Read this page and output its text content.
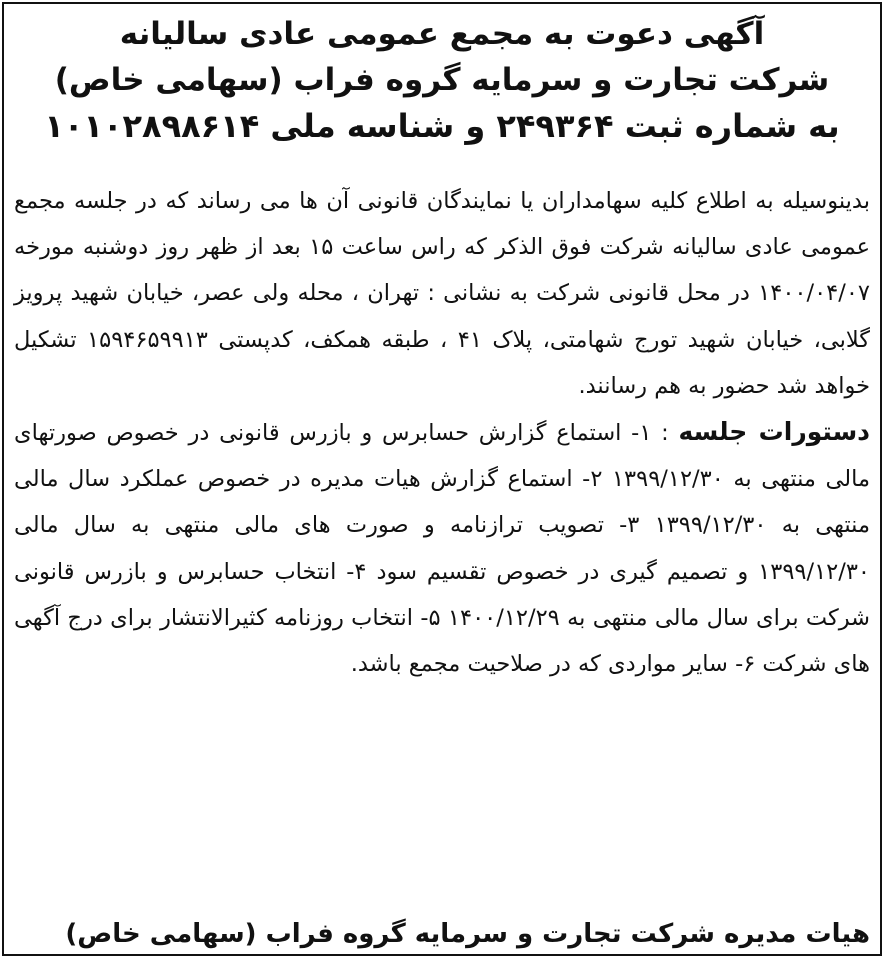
آگهی دعوت به مجمع عمومی عادی سالیانه
شرکت تجارت و سرمایه گروه فراب (سهامی خاص)
به شماره ثبت ۲۴۹۳۶۴ و شناسه ملی ۱۰۱۰۲۸۹۸۶۱۴

بدینوسیله به اطلاع کلیه سهامداران یا نمایندگان قانونی آن ها می رساند که در جلسه مجمع عمومی عادی سالیانه شرکت فوق الذکر که راس ساعت ۱۵ بعد از ظهر روز دوشنبه مورخه ۱۴۰۰/۰۴/۰۷ در محل قانونی شرکت به نشانی : تهران ، محله ولی عصر، خیابان شهید پرویز گلابی، خیابان شهید تورج شهامتی، پلاک ۴۱ ، طبقه همکف، کدپستی ۱۵۹۴۶۵۹۹۱۳ تشکیل خواهد شد حضور به هم رسانند.

دستورات جلسه : ۱- استماع گزارش حسابرس و بازرس قانونی در خصوص صورتهای مالی منتهی به ۱۳۹۹/۱۲/۳۰ ۲- استماع گزارش هیات مدیره در خصوص عملکرد سال مالی منتهی به ۱۳۹۹/۱۲/۳۰ ۳- تصویب ترازنامه و صورت های مالی منتهی به سال مالی ۱۳۹۹/۱۲/۳۰ و تصمیم گیری در خصوص تقسیم سود ۴- انتخاب حسابرس و بازرس قانونی شرکت برای سال مالی منتهی به ۱۴۰۰/۱۲/۲۹ ۵- انتخاب روزنامه کثیرالانتشار برای درج آگهی های شرکت ۶- سایر مواردی که در صلاحیت مجمع باشد.

هیات مدیره شرکت تجارت و سرمایه گروه فراب (سهامی خاص)
